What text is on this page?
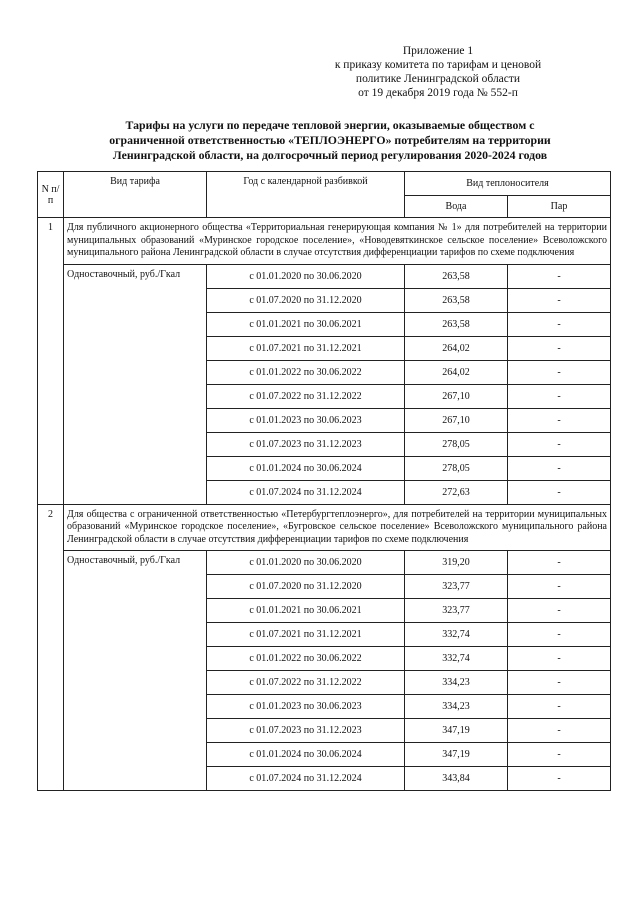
Приложение 1
к приказу комитета по тарифам и ценовой
политике Ленинградской области
от 19 декабря 2019 года № 552-п
Тарифы на услуги по передаче тепловой энергии, оказываемые обществом с
ограниченной ответственностью «ТЕПЛОЭНЕРГО» потребителям на территории
Ленинградской области, на долгосрочный период регулирования 2020-2024 годов
N п/п	Вид тарифа	Год с календарной разбивкой	Вид теплоносителя	
			Вода	Пар
1	Для публичного акционерного общества «Территориальная генерирующая компания № 1» для потребителей на территории муниципальных образований «Муринское городское поселение», «Новодевяткинское сельское поселение» Всеволожского муниципального района Ленинградской области в случае отсутствия дифференциации тарифов по схеме подключения			
	Одноставочный, руб./Гкал	с 01.01.2020 по 30.06.2020	263,58	-
		с 01.07.2020 по 31.12.2020	263,58	-
		с 01.01.2021 по 30.06.2021	263,58	-
		с 01.07.2021 по 31.12.2021	264,02	-
		с 01.01.2022 по 30.06.2022	264,02	-
		с 01.07.2022 по 31.12.2022	267,10	-
		с 01.01.2023 по 30.06.2023	267,10	-
		с 01.07.2023 по 31.12.2023	278,05	-
		с 01.01.2024 по 30.06.2024	278,05	-
		с 01.07.2024 по 31.12.2024	272,63	-
2	Для общества с ограниченной ответственностью «Петербургтеплоэнерго», для потребителей на территории муниципальных образований «Муринское городское поселение», «Бугровское сельское поселение» Всеволожского муниципального района Ленинградской области в случае отсутствия дифференциации тарифов по схеме подключения			
	Одноставочный, руб./Гкал	с 01.01.2020 по 30.06.2020	319,20	-
		с 01.07.2020 по 31.12.2020	323,77	-
		с 01.01.2021 по 30.06.2021	323,77	-
		с 01.07.2021 по 31.12.2021	332,74	-
		с 01.01.2022 по 30.06.2022	332,74	-
		с 01.07.2022 по 31.12.2022	334,23	-
		с 01.01.2023 по 30.06.2023	334,23	-
		с 01.07.2023 по 31.12.2023	347,19	-
		с 01.01.2024 по 30.06.2024	347,19	-
		с 01.07.2024 по 31.12.2024	343,84	-
